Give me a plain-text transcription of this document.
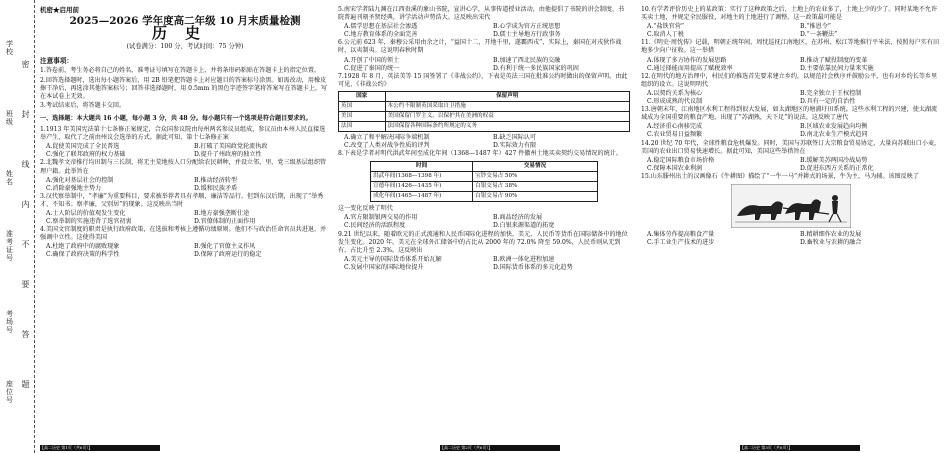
学校
班级
姓名
准考证号
考场号
座位号
密
封
线
内
不
要
答
题
机密★启用前
2025—2026 学年度高二年级 10 月末质量检测
历史
(试卷满分：100 分，考试时间：75 分钟)
注意事项：

1.答卷前，考生务必将自己的姓名、准考证号填写在答题卡上，并将条形码粘贴在答题卡上的指定位置。

2.回答选择题时，选出每小题答案后，用 2B 铅笔把答题卡上对应题目的答案标号涂黑。如需改动，用橡皮擦干净后，再选涂其他答案标号；回答非选择题时，用 0.5mm 的黑色字迹签字笔将答案写在答题卡上，写在本试卷上无效。

3.考试结束后，将答题卡交回。

一、选择题：本大题共 16 小题，每小题 3 分，共 48 分。每小题只有一个选项是符合题目要求的。

1.1913 年美国宪法第十七条修正案规定，合众国参议院由每州两名参议员组成，参议员由本州人民直接选举产生，取代了之前由州议会选举的方式。据此可知，第十七条修正案

A.促使美国完成了全民普选	B.打破了美国政党轮流执政
C.强化了联邦政府的权力基础	D.提升了州政府的独立性

2.北魏孝文帝推行均田制与三长制，将无主荒地按人口分配给农民耕种，并设立邻、里、党三级基层组织管理户籍。此举旨在

A.强化对基层社会的控制	B.推动经济转型
C.消除豪强地主势力	D.缓和民族矛盾

3.汉代察举制中，“孝廉”为重要科目，要求被举荐者具有孝顺、廉洁等品行。但到东汉后期，出现了“举秀才，不知书；察孝廉，父别居”的现象。这反映出当时

A.士人阶层的价值观发生变化	B.地方豪强垄断仕途
C.察举制的实施违背了选官初衷	D.官僚体制的正面作用

4.美国文官制度的职责是执行政府政策，在选拔和考核上遵循功绩原则。他们不与政治任命官员共进退，并强调中立性。这使得美国

A.杜绝了政府中的腐败现象	B.强化了官僚主义作风
C.确保了政府决策的科学性	D.保障了政府运行的稳定

5.南宋学者陆九渊在江西贵溪的象山书院，宣讲心学，从事传道授业活动，由他提倡了书院的讲会制度，书院普遍刊刻圣贤经典，讲学活动声势浩大。这反映出宋代

A.儒学思想在基层社会渗透	B.心学成为官方正统思想
C.地方教育体系的全面完善	D.儒士主导地方行政事务

6.公元前 623 年，秦穆公采用由余之计，“益国十二，开地千里，遂霸西戎”，实际上，秦国在对戎狄作战时，以夷制夷。这说明春秋时期

A.开创了中国的领土	B.加速了西北民族的交融
C.促进了秦国的统一	D.有利于统一多民族国家的巩固

7.1928 年 8 月，英法美等 15 国签署了《非战公约》，下表是英法三国在批准公约时做出的保留声明。由此可见，《非战公约》

国家	保留声明
英国	本公约不限制英国采取自卫措施
美国	美国保留门罗主义，以保护其在美洲的权益
法国	法国保留各种国际条约所规定的义务
A.确立了和平解决国际争端机制	B.缺乏国际认可
C.改变了人类对战争性质的评判	D.实际效力有限

8.下表是学者对明代洪武年间至成化年间（1368—1487 年）427 件徽州土地买卖契约交易情况的统计。

时间	交易情况
洪武年间(1368—1398 年)	宝钞交易占 50%
宣德年间(1426—1435 年)	白银交易占 38%
成化年间(1465—1487 年)	白银交易占 90%

这一变化反映了明代

A.官方限制银两交易的作用	B.商品经济的发展
C.民间经济的活跃程度	D.白银来源渠道的拓宽

9.21 世纪以来，随着欧元的正式流通和人民币国际化进程的加快，美元、人民币等货币在国际储备中的地位发生变化。2020 年，美元在全球外汇储备中的占比从 2000 年的 72.0% 降至 59.0%，人民币则从无到有，占比升至 2.3%。这反映出

A.美元主导的国际货币体系开始瓦解	B.欧洲一体化进程加速
C.发展中国家的国际地位提升	D.国际货币体系的多元化趋势

10.有学者评价历史上的某政策：实行了这种政策之后，土地上的农业多了，土地上少的少了。同时某地不允许买卖土地，并规定全民服役，对地主的土地进行了调整。这一政策最可能是

A.“盐铁官营”	B.“推恩令”
C.取消人丁税	D.“一条鞭法”

11.《明史·周忱传》记载，明朝正统年间，周忱巡抚江南地区，在苏州、松江等地推行平米法，按照每户实有田地多少向户征收。这一举措

A.体现了多方协作的发展思路	B.推动了赋役制度的变革
C.通过择能而用提高了赋税效率	D.主要依靠民间力量来实施

12.在明代的地方治理中，村民们的推选首先要求建立乡约，以规范社会秩序并鼓励公平，也有对乡约长等乡里组织的设立。这说明明代

A.以契约关系为核心	B.完全独立于王权控制
C.形成成熟的代议制	D.具有一定的自治性

13.唐朝末年，江南地区水利工程得到很大发展，如太湖地区的塘浦圩田系统。这些水利工程的兴建，使太湖流域成为全国重要的粮食产地，出现了“苏湖熟，天下足”的说法。这反映了唐代

A.经济重心南移完成	B.区域农业发展趋向均衡
C.农业贸易日益频繁	D.南北农业生产模式趋同

14.20 世纪 70 年代，全球性粮食危机爆发。同时，美国与苏联签订大宗粮食贸易协定，大量向苏联出口小麦，美国的农业出口贸易快速增长。据此可知，美国这些举措旨在

A.稳定国际粮食市场价格	B.缓解美苏两国冷战局势
C.保障本国农业利润	D.促进东西方关系的正常化

15.山东滕州出土的汉画像石《牛耕图》描绘了“一牛一马”并耕式的场景，牛为主，马为辅。该图反映了

A.集体劳作提高粮食产量	B.精耕细作农业的发展
C.手工业生产技术的进步	D.畜牧业与农耕的融合
【高二历史 第1页（共6页）】	【高二历史 第2页（共6页）】	【高二历史 第3页（共6页）】
